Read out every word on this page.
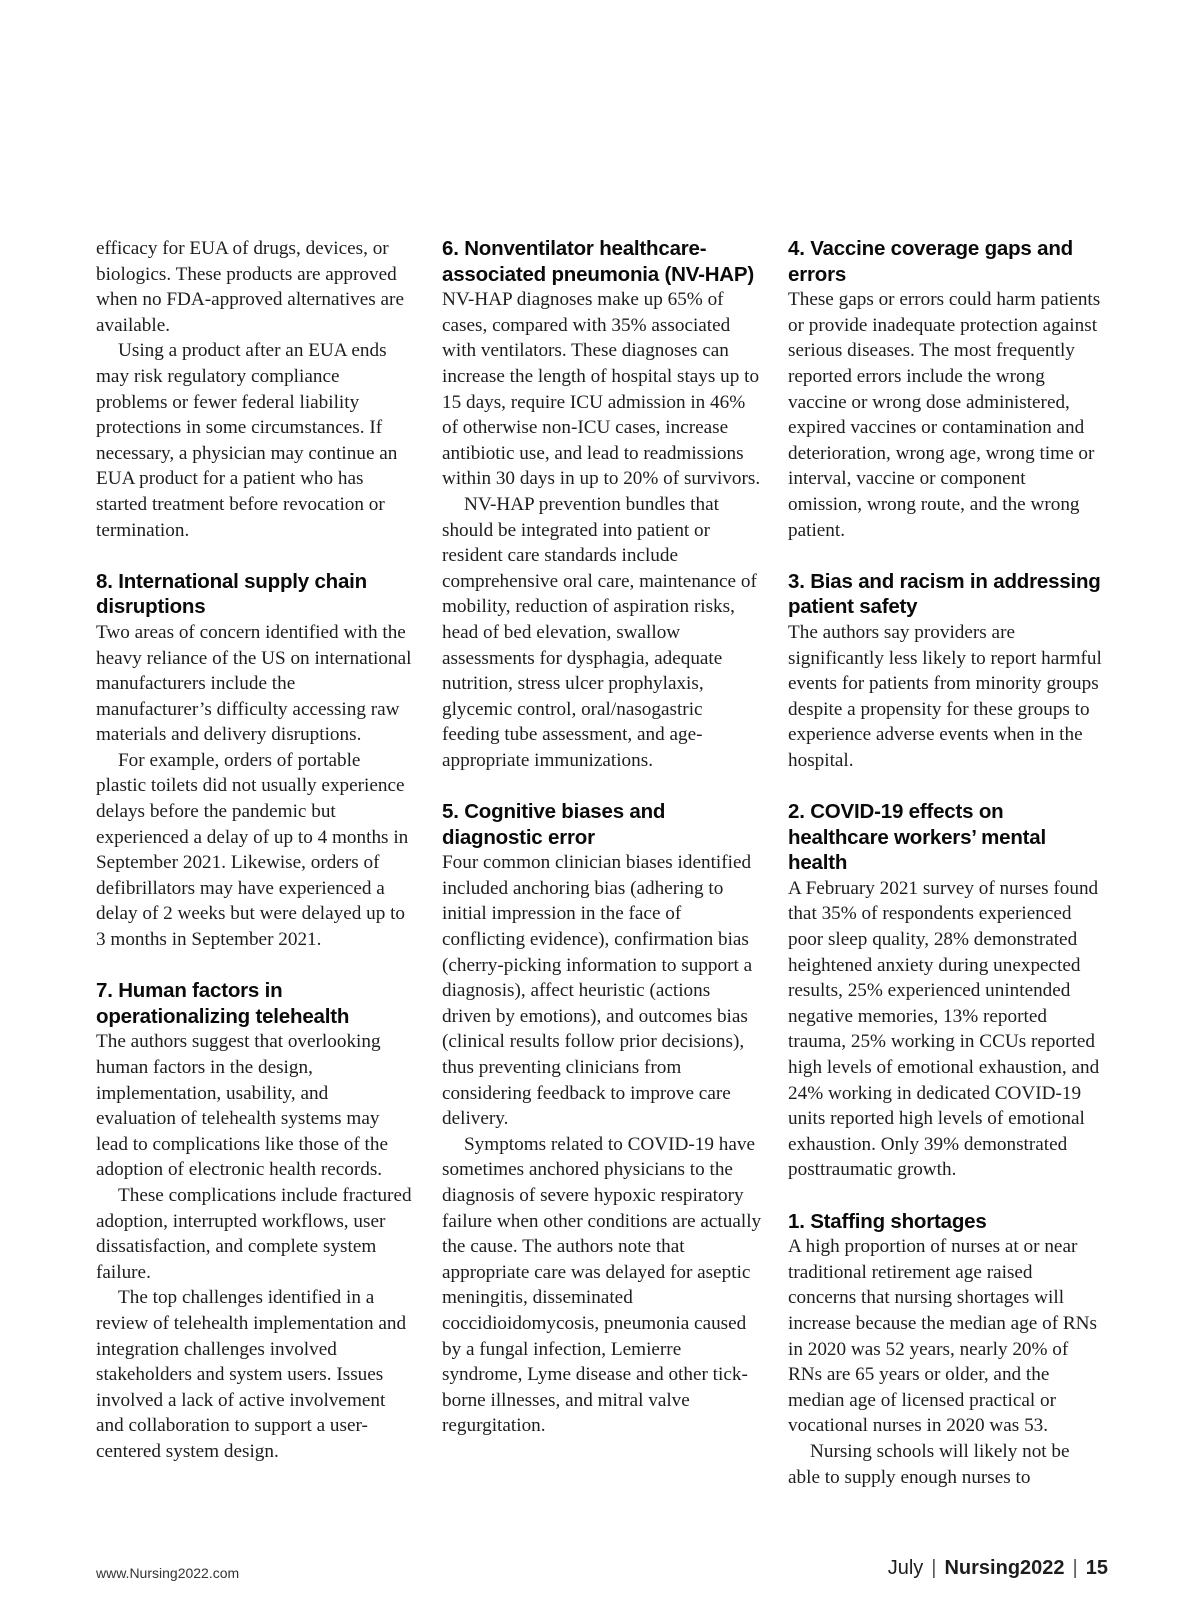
efficacy for EUA of drugs, devices, or biologics. These products are approved when no FDA-approved alternatives are available.

Using a product after an EUA ends may risk regulatory compliance problems or fewer federal liability protections in some circumstances. If necessary, a physician may continue an EUA product for a patient who has started treatment before revocation or termination.

8. International supply chain disruptions

Two areas of concern identified with the heavy reliance of the US on international manufacturers include the manufacturer’s difficulty accessing raw materials and delivery disruptions.

For example, orders of portable plastic toilets did not usually experience delays before the pandemic but experienced a delay of up to 4 months in September 2021. Likewise, orders of defibrillators may have experienced a delay of 2 weeks but were delayed up to 3 months in September 2021.

7. Human factors in operationalizing telehealth

The authors suggest that overlooking human factors in the design, implementation, usability, and evaluation of telehealth systems may lead to complications like those of the adoption of electronic health records.

These complications include fractured adoption, interrupted workflows, user dissatisfaction, and complete system failure.

The top challenges identified in a review of telehealth implementation and integration challenges involved stakeholders and system users. Issues involved a lack of active involvement and collaboration to support a user-centered system design.

6. Nonventilator healthcare-associated pneumonia (NV-HAP)

NV-HAP diagnoses make up 65% of cases, compared with 35% associated with ventilators. These diagnoses can increase the length of hospital stays up to 15 days, require ICU admission in 46% of otherwise non-ICU cases, increase antibiotic use, and lead to readmissions within 30 days in up to 20% of survivors.

NV-HAP prevention bundles that should be integrated into patient or resident care standards include comprehensive oral care, maintenance of mobility, reduction of aspiration risks, head of bed elevation, swallow assessments for dysphagia, adequate nutrition, stress ulcer prophylaxis, glycemic control, oral/nasogastric feeding tube assessment, and age-appropriate immunizations.

5. Cognitive biases and diagnostic error

Four common clinician biases identified included anchoring bias (adhering to initial impression in the face of conflicting evidence), confirmation bias (cherry-picking information to support a diagnosis), affect heuristic (actions driven by emotions), and outcomes bias (clinical results follow prior decisions), thus preventing clinicians from considering feedback to improve care delivery.

Symptoms related to COVID-19 have sometimes anchored physicians to the diagnosis of severe hypoxic respiratory failure when other conditions are actually the cause. The authors note that appropriate care was delayed for aseptic meningitis, disseminated coccidioidomycosis, pneumonia caused by a fungal infection, Lemierre syndrome, Lyme disease and other tick-borne illnesses, and mitral valve regurgitation.

4. Vaccine coverage gaps and errors

These gaps or errors could harm patients or provide inadequate protection against serious diseases. The most frequently reported errors include the wrong vaccine or wrong dose administered, expired vaccines or contamination and deterioration, wrong age, wrong time or interval, vaccine or component omission, wrong route, and the wrong patient.

3. Bias and racism in addressing patient safety

The authors say providers are significantly less likely to report harmful events for patients from minority groups despite a propensity for these groups to experience adverse events when in the hospital.

2. COVID-19 effects on healthcare workers’ mental health

A February 2021 survey of nurses found that 35% of respondents experienced poor sleep quality, 28% demonstrated heightened anxiety during unexpected results, 25% experienced unintended negative memories, 13% reported trauma, 25% working in CCUs reported high levels of emotional exhaustion, and 24% working in dedicated COVID-19 units reported high levels of emotional exhaustion. Only 39% demonstrated posttraumatic growth.

1. Staffing shortages

A high proportion of nurses at or near traditional retirement age raised concerns that nursing shortages will increase because the median age of RNs in 2020 was 52 years, nearly 20% of RNs are 65 years or older, and the median age of licensed practical or vocational nurses in 2020 was 53.

Nursing schools will likely not be able to supply enough nurses to

www.Nursing2022.com	July | Nursing2022 | 15
